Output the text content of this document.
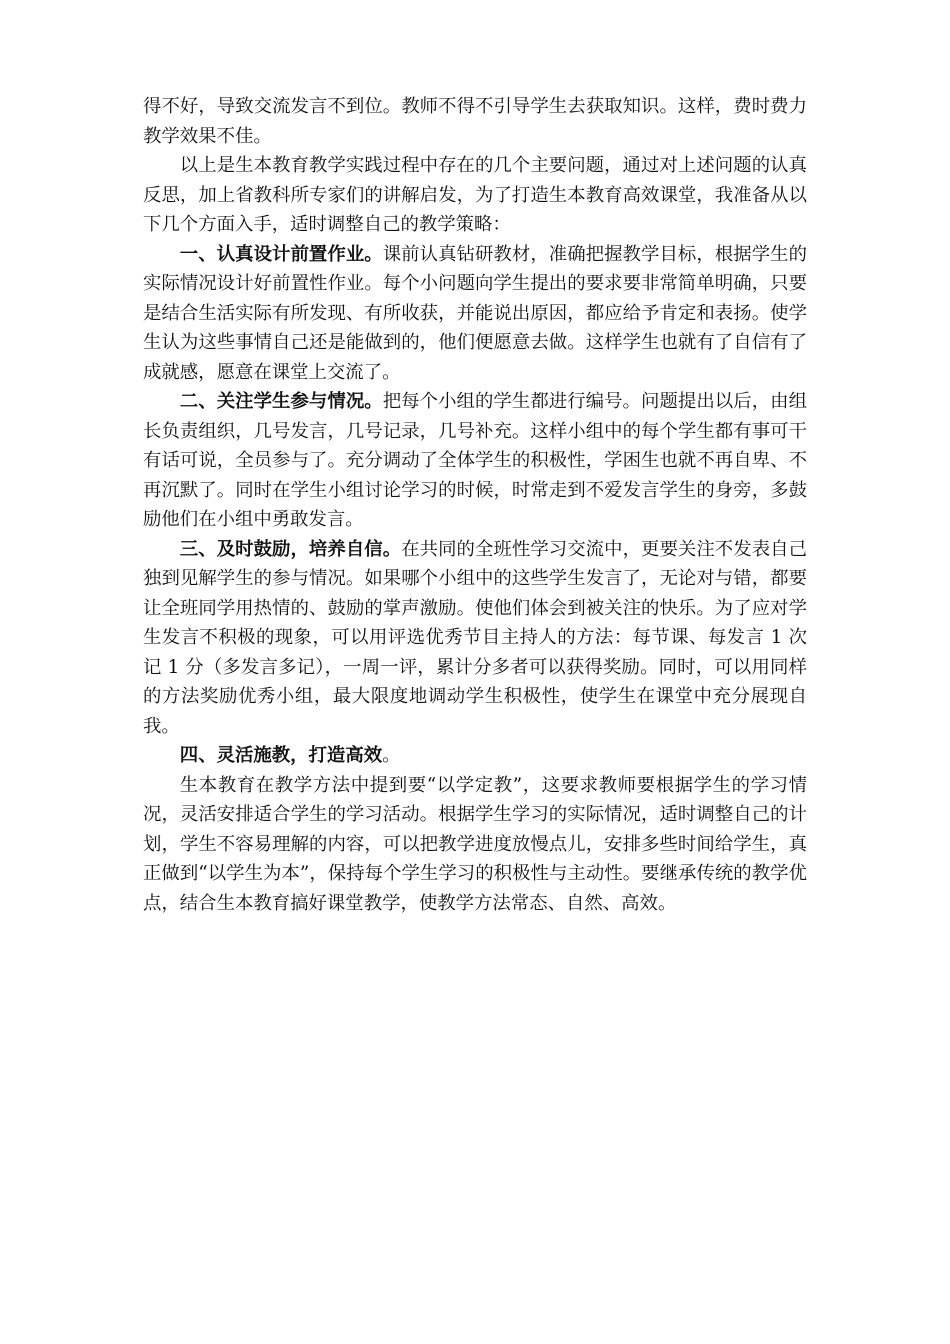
得不好，导致交流发言不到位。教师不得不引导学生去获取知识。这样，费时费力教学效果不佳。

以上是生本教育教学实践过程中存在的几个主要问题，通过对上述问题的认真反思，加上省教科所专家们的讲解启发，为了打造生本教育高效课堂，我准备从以下几个方面入手，适时调整自己的教学策略：

一、认真设计前置作业。课前认真钻研教材，准确把握教学目标，根据学生的实际情况设计好前置性作业。每个小问题向学生提出的要求要非常简单明确，只要是结合生活实际有所发现、有所收获，并能说出原因，都应给予肯定和表扬。使学生认为这些事情自己还是能做到的，他们便愿意去做。这样学生也就有了自信有了成就感，愿意在课堂上交流了。

二、关注学生参与情况。把每个小组的学生都进行编号。问题提出以后，由组长负责组织，几号发言，几号记录，几号补充。这样小组中的每个学生都有事可干有话可说，全员参与了。充分调动了全体学生的积极性，学困生也就不再自卑、不再沉默了。同时在学生小组讨论学习的时候，时常走到不爱发言学生的身旁，多鼓励他们在小组中勇敢发言。

三、及时鼓励，培养自信。在共同的全班性学习交流中，更要关注不发表自己独到见解学生的参与情况。如果哪个小组中的这些学生发言了，无论对与错，都要让全班同学用热情的、鼓励的掌声激励。使他们体会到被关注的快乐。为了应对学生发言不积极的现象，可以用评选优秀节目主持人的方法：每节课、每发言 1 次记 1 分（多发言多记），一周一评，累计分多者可以获得奖励。同时，可以用同样的方法奖励优秀小组，最大限度地调动学生积极性，使学生在课堂中充分展现自我。

四、灵活施教，打造高效。

生本教育在教学方法中提到要“以学定教”，这要求教师要根据学生的学习情况，灵活安排适合学生的学习活动。根据学生学习的实际情况，适时调整自己的计划，学生不容易理解的内容，可以把教学进度放慢点儿，安排多些时间给学生，真正做到“以学生为本”，保持每个学生学习的积极性与主动性。要继承传统的教学优点，结合生本教育搞好课堂教学，使教学方法常态、自然、高效。
